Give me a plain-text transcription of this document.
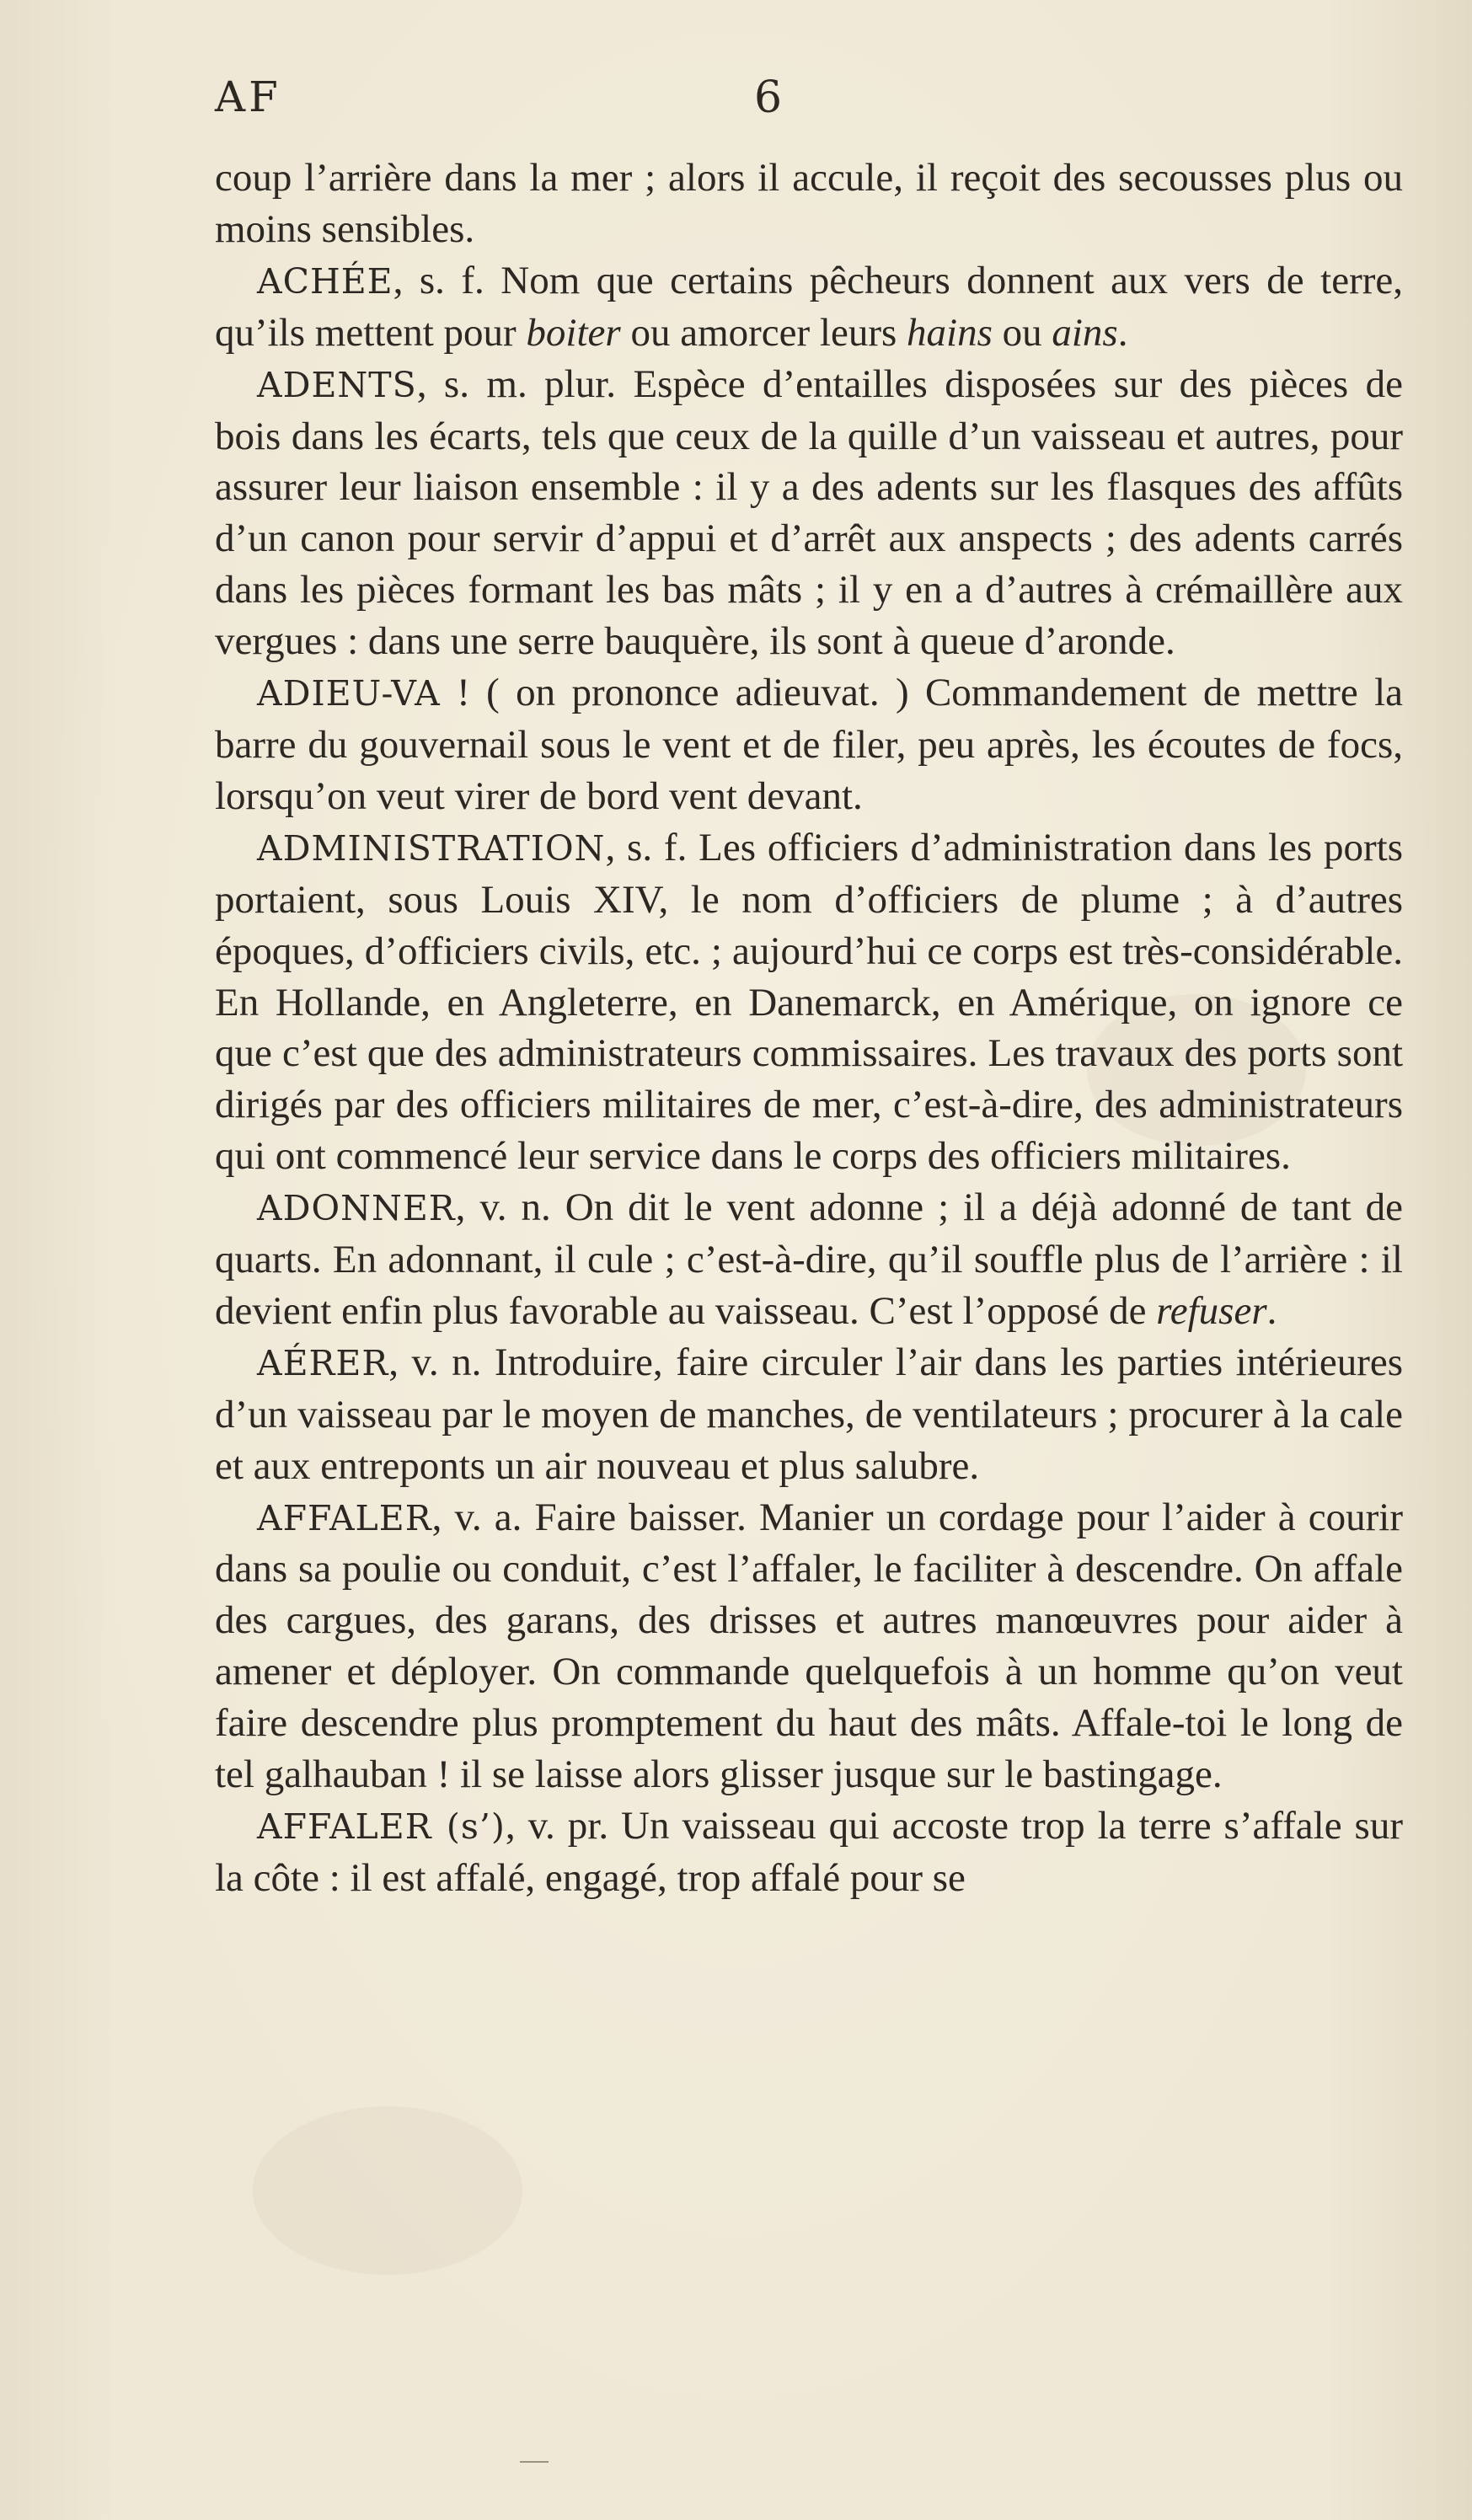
AF	6

coup l’arrière dans la mer ; alors il accule, il reçoit des secousses plus ou moins sensibles.

ACHÉE, s. f. Nom que certains pêcheurs donnent aux vers de terre, qu’ils mettent pour boiter ou amorcer leurs hains ou ains.

ADENTS, s. m. plur. Espèce d’entailles disposées sur des pièces de bois dans les écarts, tels que ceux de la quille d’un vaisseau et autres, pour assurer leur liaison ensemble : il y a des adents sur les flasques des affûts d’un canon pour servir d’appui et d’arrêt aux anspects ; des adents carrés dans les pièces formant les bas mâts ; il y en a d’autres à crémaillère aux vergues : dans une serre bauquère, ils sont à queue d’aronde.

ADIEU-VA ! ( on prononce adieuvat. ) Commandement de mettre la barre du gouvernail sous le vent et de filer, peu après, les écoutes de focs, lorsqu’on veut virer de bord vent devant.

ADMINISTRATION, s. f. Les officiers d’administration dans les ports portaient, sous Louis XIV, le nom d’officiers de plume ; à d’autres époques, d’officiers civils, etc. ; aujourd’hui ce corps est très-considérable. En Hollande, en Angleterre, en Danemarck, en Amérique, on ignore ce que c’est que des administrateurs commissaires. Les travaux des ports sont dirigés par des officiers militaires de mer, c’est-à-dire, des administrateurs qui ont commencé leur service dans le corps des officiers militaires.

ADONNER, v. n. On dit le vent adonne ; il a déjà adonné de tant de quarts. En adonnant, il cule ; c’est-à-dire, qu’il souffle plus de l’arrière : il devient enfin plus favorable au vaisseau. C’est l’opposé de refuser.

AÉRER, v. n. Introduire, faire circuler l’air dans les parties intérieures d’un vaisseau par le moyen de manches, de ventilateurs ; procurer à la cale et aux entreponts un air nouveau et plus salubre.

AFFALER, v. a. Faire baisser. Manier un cordage pour l’aider à courir dans sa poulie ou conduit, c’est l’affaler, le faciliter à descendre. On affale des cargues, des garans, des drisses et autres manœuvres pour aider à amener et déployer. On commande quelquefois à un homme qu’on veut faire descendre plus promptement du haut des mâts. Affale-toi le long de tel galhauban ! il se laisse alors glisser jusque sur le bastingage.

AFFALER (s’), v. pr. Un vaisseau qui accoste trop la terre s’affale sur la côte : il est affalé, engagé, trop affalé pour se
